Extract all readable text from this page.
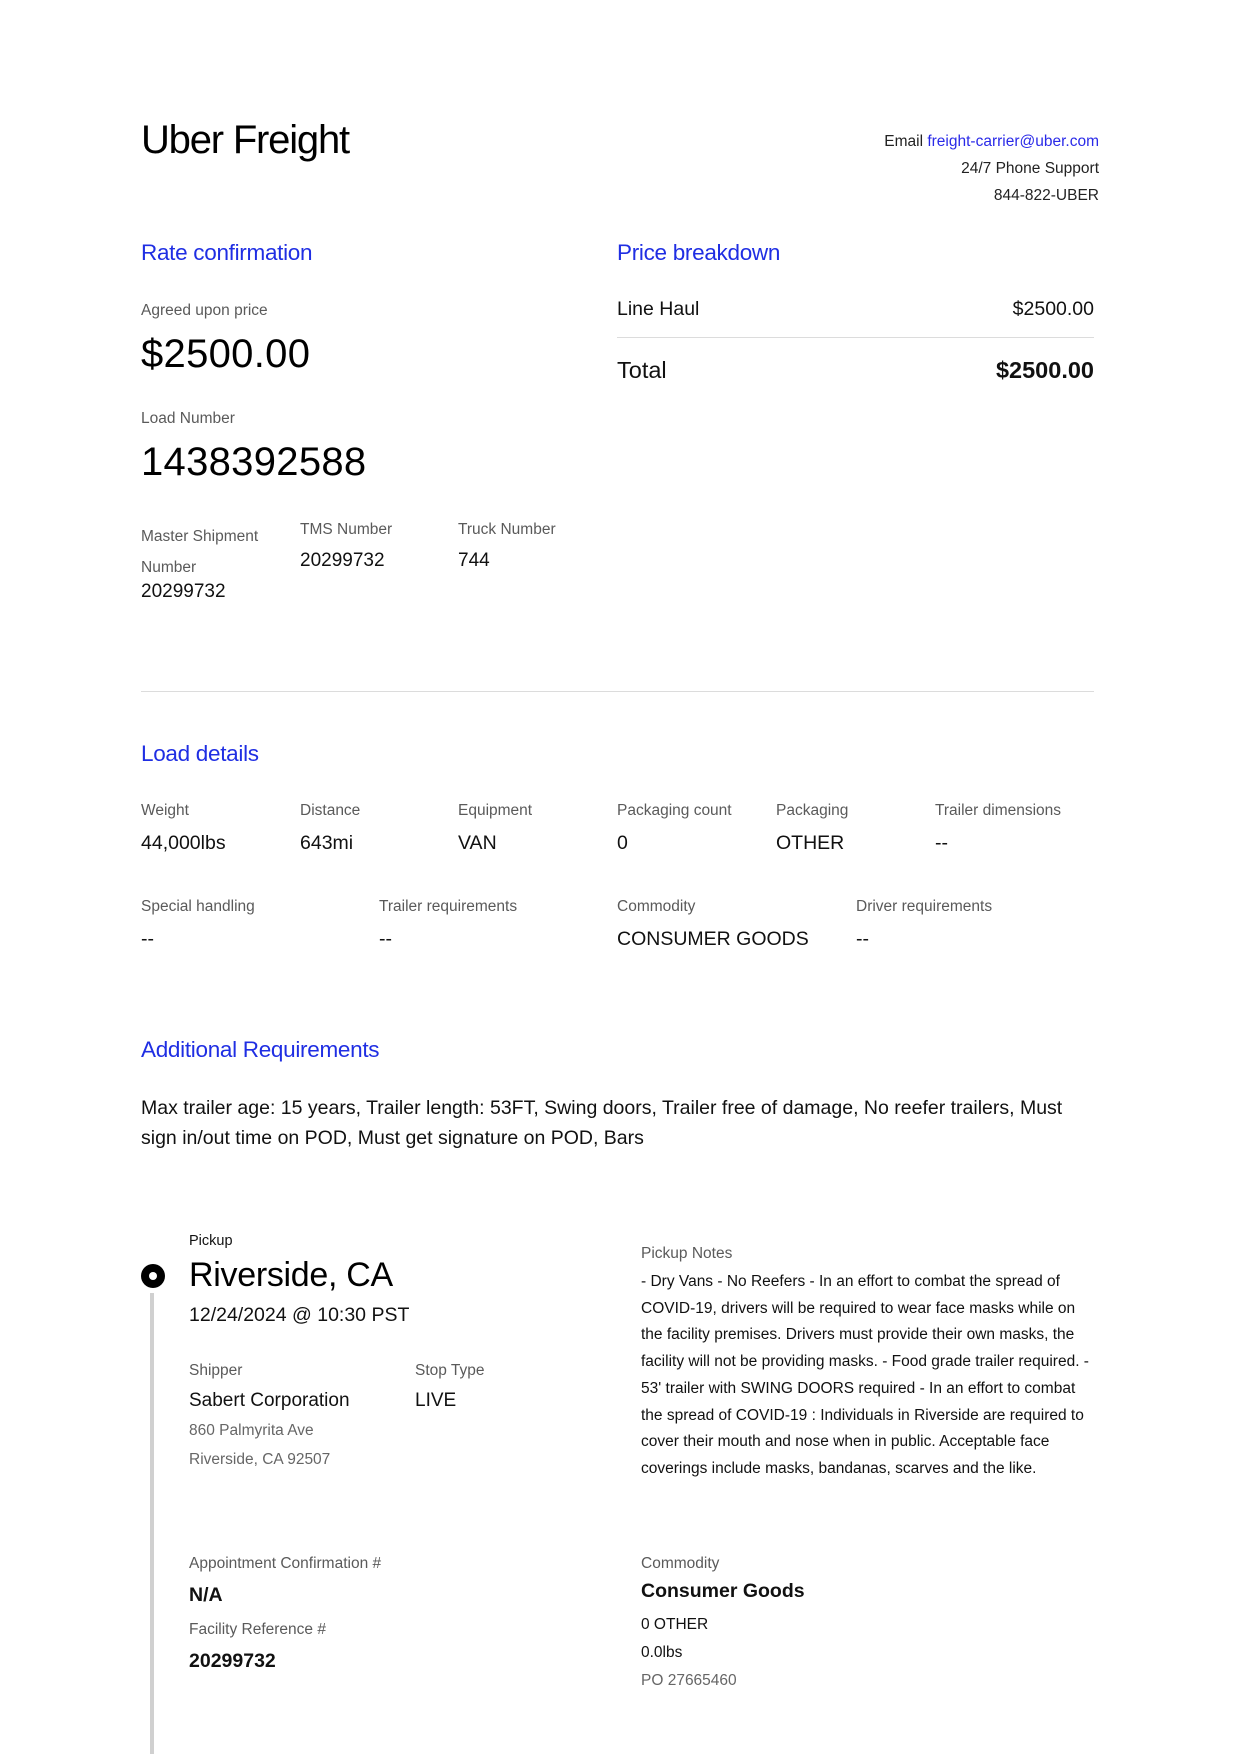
Uber Freight	Email freight-carrier@uber.com
24/7 Phone Support
844-822-UBER
Rate confirmation
Agreed upon price
$2500.00
Load Number
1438392588
Master Shipment
Number
20299732
TMS Number
20299732
Truck Number
744
Price breakdown
Line Haul	$2500.00
Total	$2500.00
Load details
Weight
44,000lbs
Distance
643mi
Equipment
VAN
Packaging count
0
Packaging
OTHER
Trailer dimensions
--
Special handling
--
Trailer requirements
--
Commodity
CONSUMER GOODS
Driver requirements
--
Additional Requirements
Max trailer age: 15 years, Trailer length: 53FT, Swing doors, Trailer free of damage, No reefer trailers, Must sign in/out time on POD, Must get signature on POD, Bars
Pickup
Riverside, CA
12/24/2024 @ 10:30 PST
Shipper
Sabert Corporation
860 Palmyrita Ave
Riverside, CA 92507
Stop Type
LIVE
Appointment Confirmation #
N/A
Facility Reference #
20299732
Pickup Notes
- Dry Vans - No Reefers - In an effort to combat the spread of COVID-19, drivers will be required to wear face masks while on the facility premises. Drivers must provide their own masks, the facility will not be providing masks. - Food grade trailer required. - 53' trailer with SWING DOORS required - In an effort to combat the spread of COVID-19 : Individuals in Riverside are required to cover their mouth and nose when in public. Acceptable face coverings include masks, bandanas, scarves and the like.
Commodity
Consumer Goods
0 OTHER
0.0lbs
PO 27665460
